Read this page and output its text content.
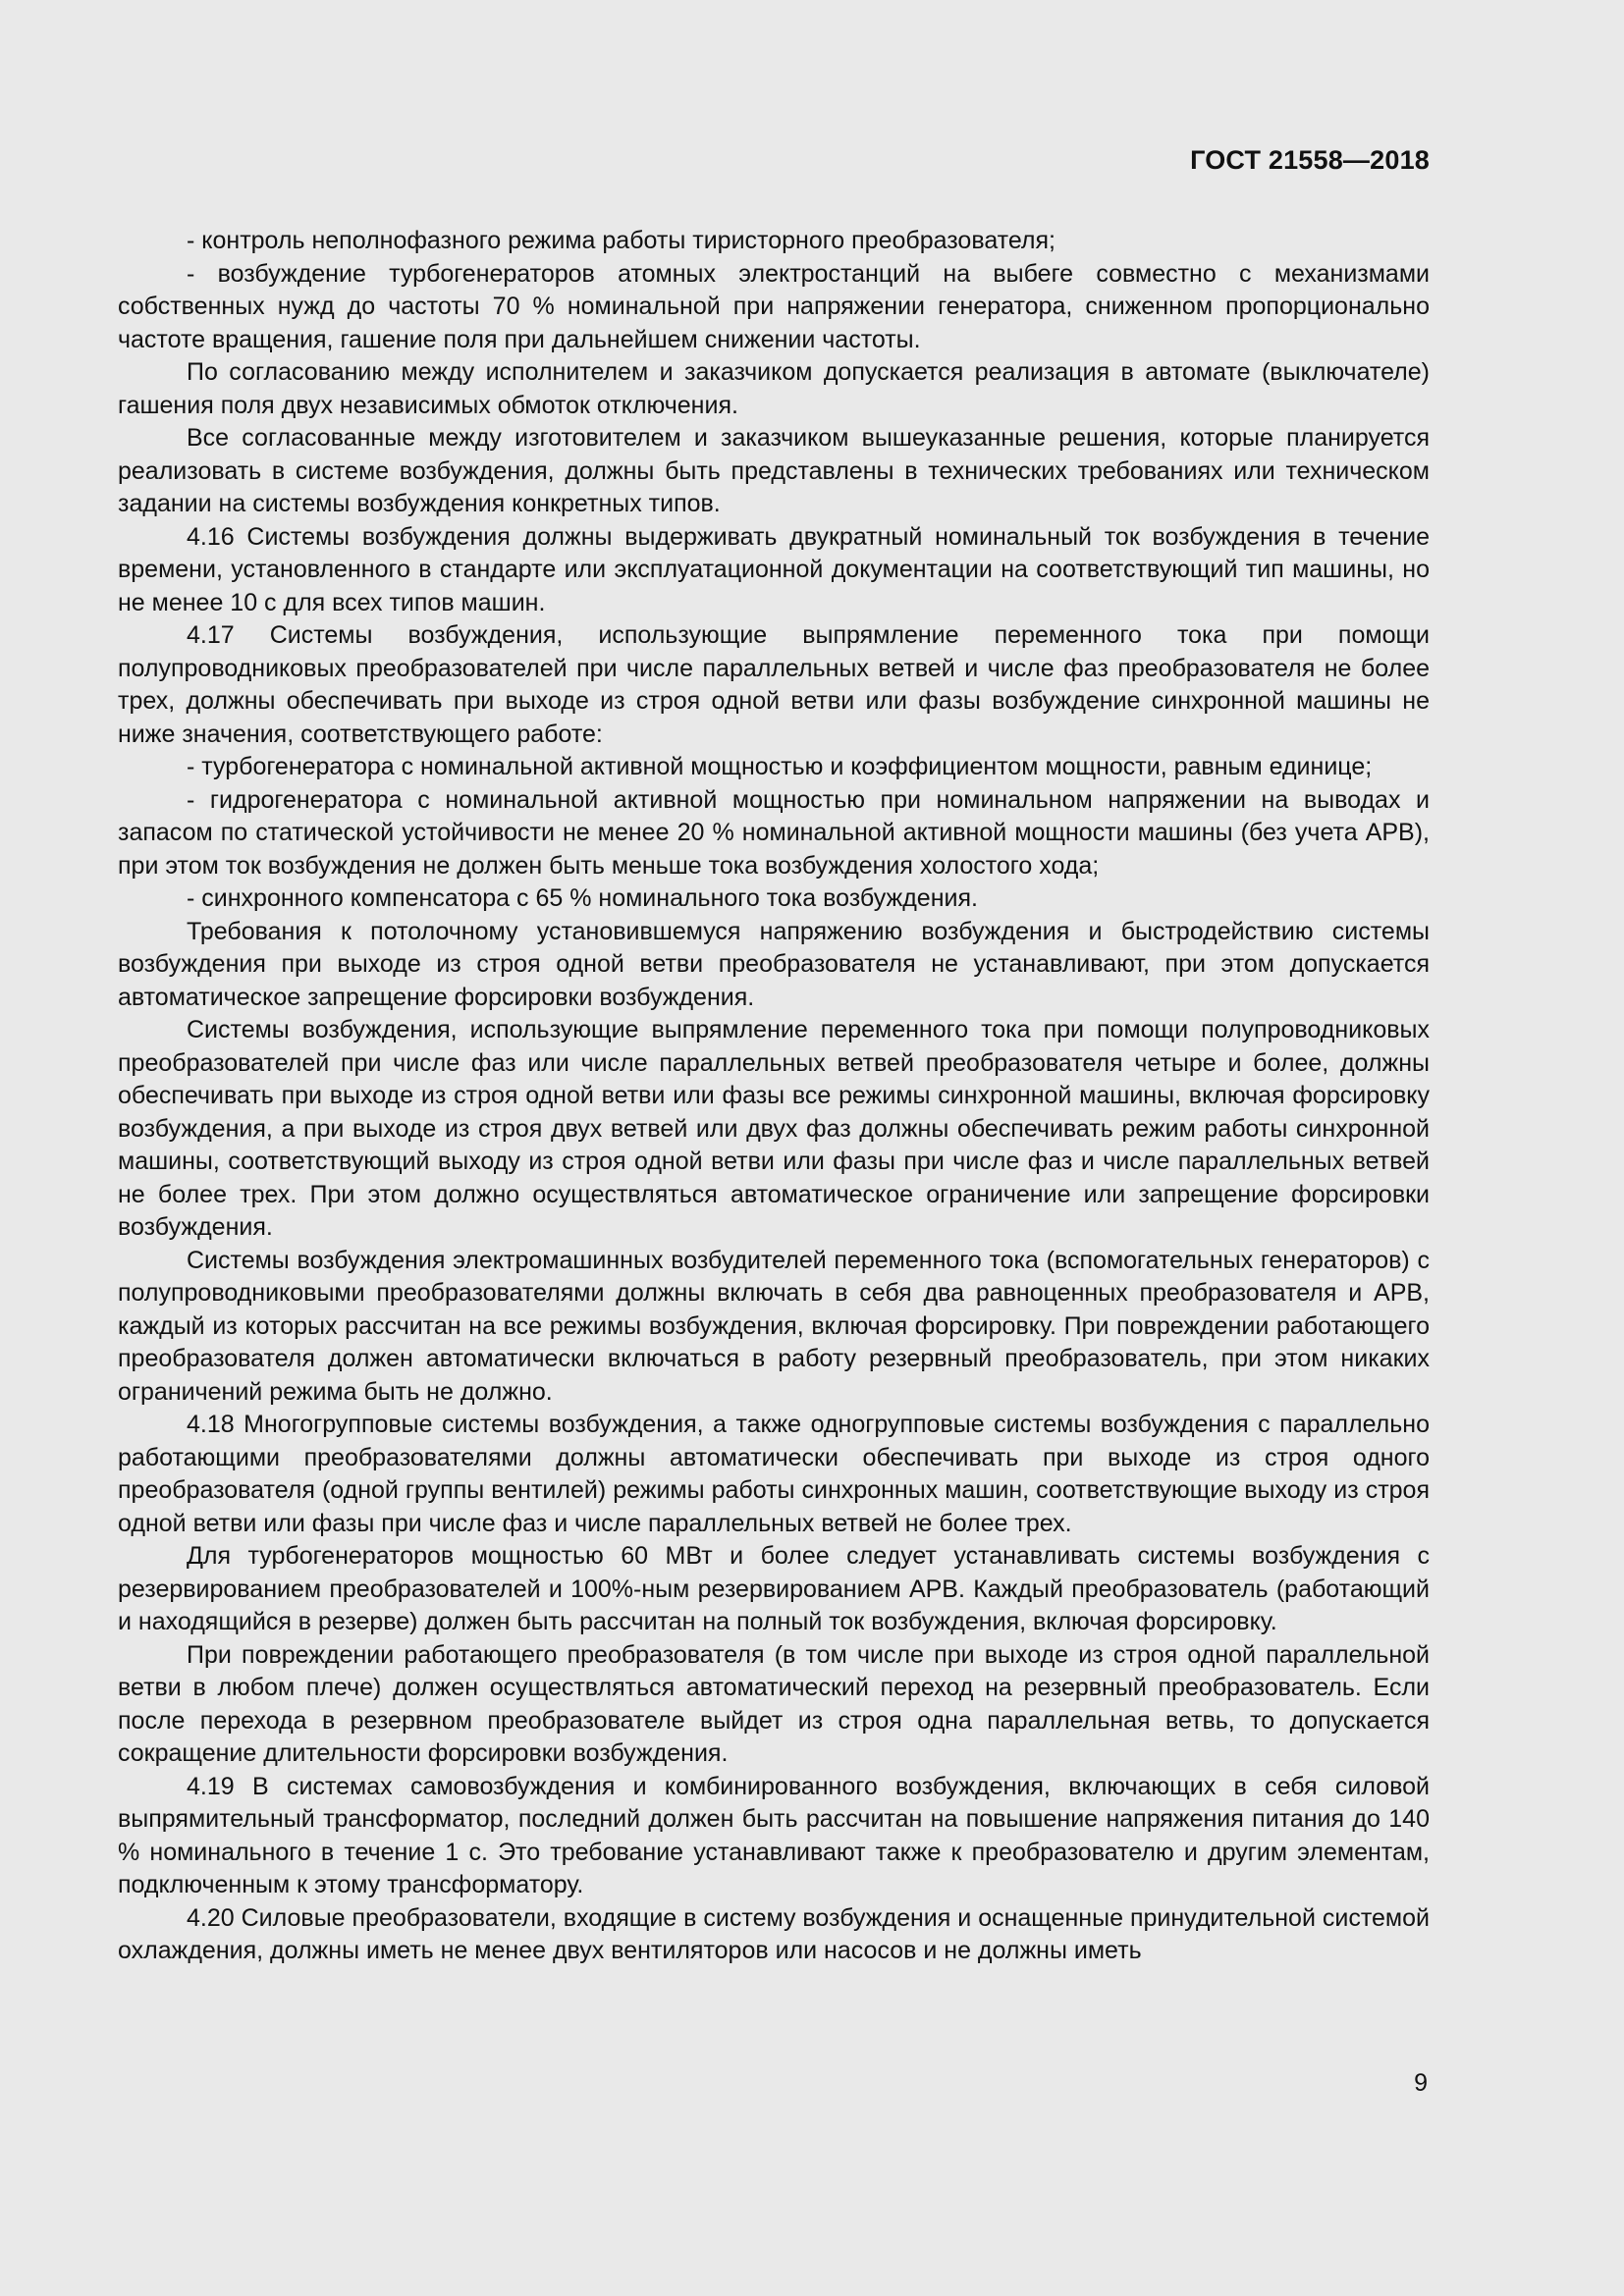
ГОСТ 21558—2018

- контроль неполнофазного режима работы тиристорного преобразователя;

- возбуждение турбогенераторов атомных электростанций на выбеге совместно с механизмами собственных нужд до частоты 70 % номинальной при напряжении генератора, сниженном пропорционально частоте вращения, гашение поля при дальнейшем снижении частоты.

По согласованию между исполнителем и заказчиком допускается реализация в автомате (выключателе) гашения поля двух независимых обмоток отключения.

Все согласованные между изготовителем и заказчиком вышеуказанные решения, которые планируется реализовать в системе возбуждения, должны быть представлены в технических требованиях или техническом задании на системы возбуждения конкретных типов.

4.16 Системы возбуждения должны выдерживать двукратный номинальный ток возбуждения в течение времени, установленного в стандарте или эксплуатационной документации на соответствующий тип машины, но не менее 10 с для всех типов машин.

4.17 Системы возбуждения, использующие выпрямление переменного тока при помощи полупроводниковых преобразователей при числе параллельных ветвей и числе фаз преобразователя не более трех, должны обеспечивать при выходе из строя одной ветви или фазы возбуждение синхронной машины не ниже значения, соответствующего работе:

- турбогенератора с номинальной активной мощностью и коэффициентом мощности, равным единице;

- гидрогенератора с номинальной активной мощностью при номинальном напряжении на выводах и запасом по статической устойчивости не менее 20 % номинальной активной мощности машины (без учета АРВ), при этом ток возбуждения не должен быть меньше тока возбуждения холостого хода;

- синхронного компенсатора с 65 % номинального тока возбуждения.

Требования к потолочному установившемуся напряжению возбуждения и быстродействию системы возбуждения при выходе из строя одной ветви преобразователя не устанавливают, при этом допускается автоматическое запрещение форсировки возбуждения.

Системы возбуждения, использующие выпрямление переменного тока при помощи полупроводниковых преобразователей при числе фаз или числе параллельных ветвей преобразователя четыре и более, должны обеспечивать при выходе из строя одной ветви или фазы все режимы синхронной машины, включая форсировку возбуждения, а при выходе из строя двух ветвей или двух фаз должны обеспечивать режим работы синхронной машины, соответствующий выходу из строя одной ветви или фазы при числе фаз и числе параллельных ветвей не более трех. При этом должно осуществляться автоматическое ограничение или запрещение форсировки возбуждения.

Системы возбуждения электромашинных возбудителей переменного тока (вспомогательных генераторов) с полупроводниковыми преобразователями должны включать в себя два равноценных преобразователя и АРВ, каждый из которых рассчитан на все режимы возбуждения, включая форсировку. При повреждении работающего преобразователя должен автоматически включаться в работу резервный преобразователь, при этом никаких ограничений режима быть не должно.

4.18 Многогрупповые системы возбуждения, а также одногрупповые системы возбуждения с параллельно работающими преобразователями должны автоматически обеспечивать при выходе из строя одного преобразователя (одной группы вентилей) режимы работы синхронных машин, соответствующие выходу из строя одной ветви или фазы при числе фаз и числе параллельных ветвей не более трех.

Для турбогенераторов мощностью 60 МВт и более следует устанавливать системы возбуждения с резервированием преобразователей и 100%-ным резервированием АРВ. Каждый преобразователь (работающий и находящийся в резерве) должен быть рассчитан на полный ток возбуждения, включая форсировку.

При повреждении работающего преобразователя (в том числе при выходе из строя одной параллельной ветви в любом плече) должен осуществляться автоматический переход на резервный преобразователь. Если после перехода в резервном преобразователе выйдет из строя одна параллельная ветвь, то допускается сокращение длительности форсировки возбуждения.

4.19 В системах самовозбуждения и комбинированного возбуждения, включающих в себя силовой выпрямительный трансформатор, последний должен быть рассчитан на повышение напряжения питания до 140 % номинального в течение 1 с. Это требование устанавливают также к преобразователю и другим элементам, подключенным к этому трансформатору.

4.20 Силовые преобразователи, входящие в систему возбуждения и оснащенные принудительной системой охлаждения, должны иметь не менее двух вентиляторов или насосов и не должны иметь

9
